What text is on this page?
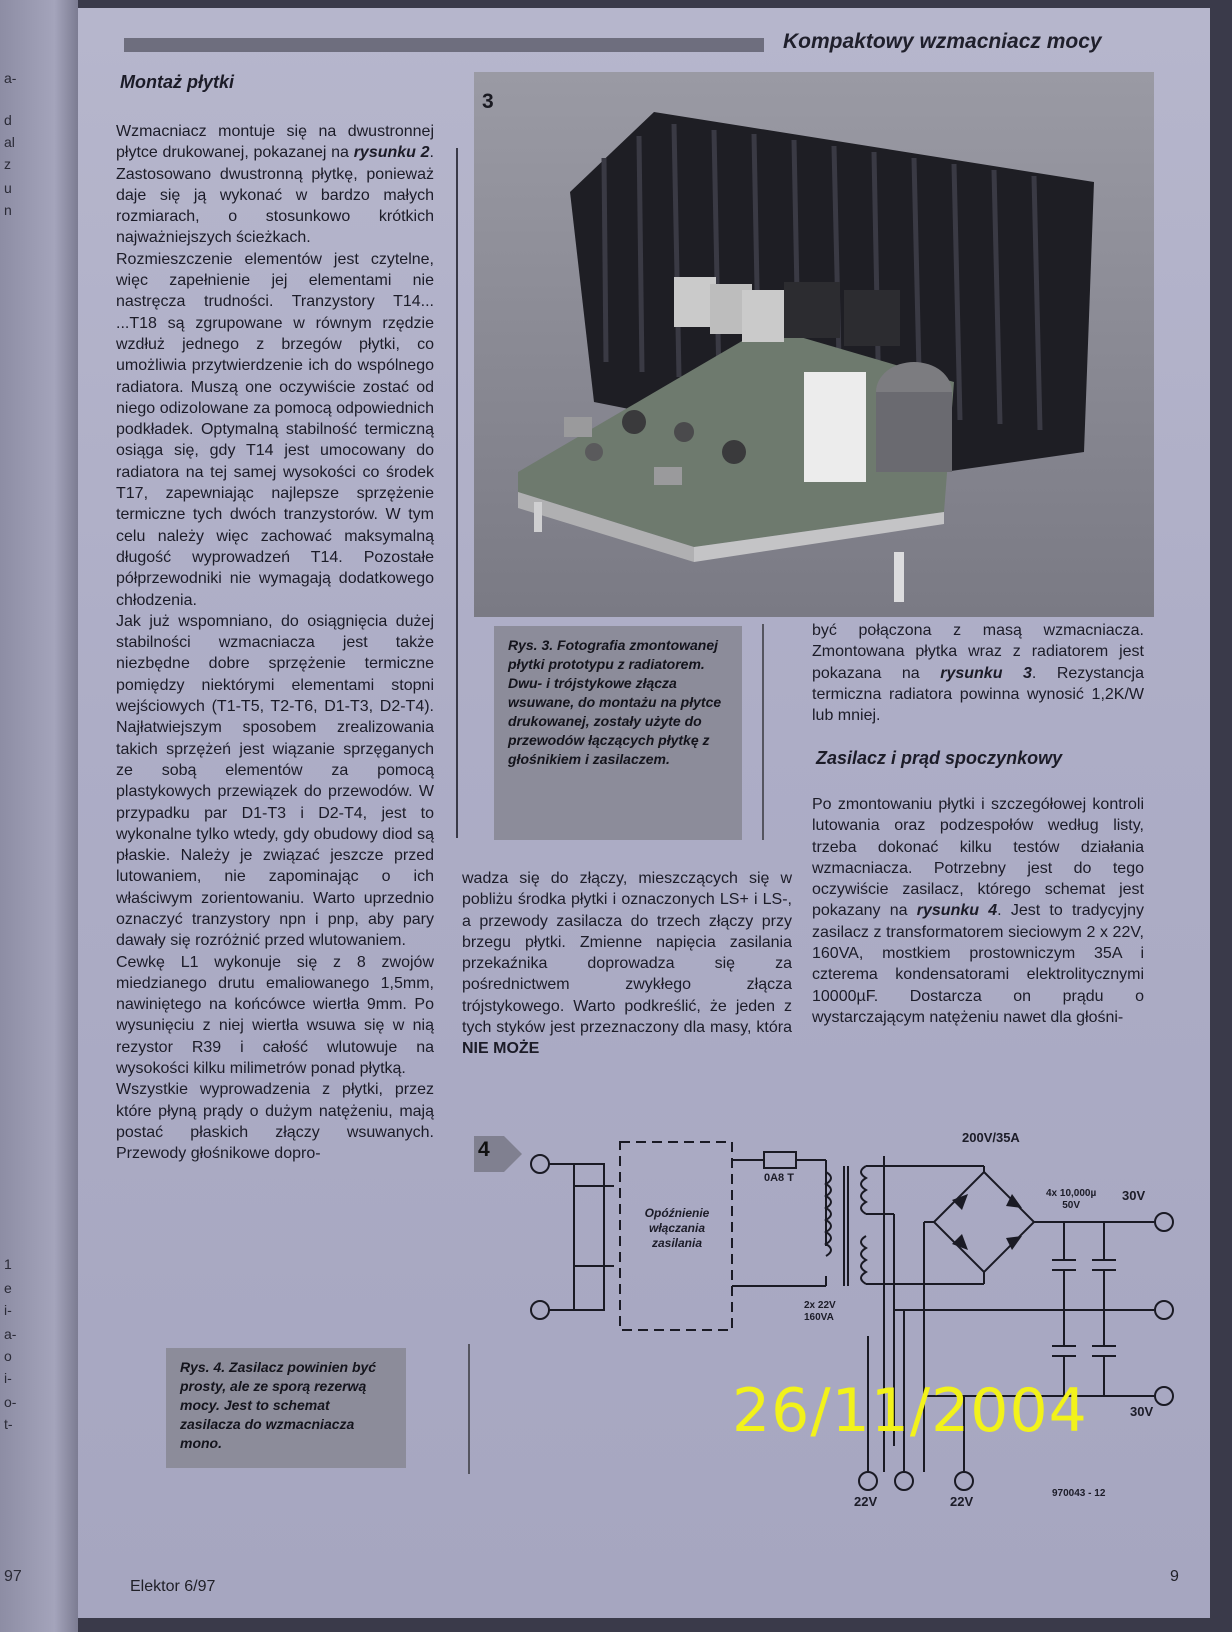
a-
d
al
z
u
n
1
e
i-
a-
o
i-
o-
t-
97
Kompaktowy wzmacniacz mocy
Montaż płytki

Wzmacniacz montuje się na dwustronnej płytce drukowanej, pokazanej na rysunku 2. Zastosowano dwustronną płytkę, ponieważ daje się ją wykonać w bardzo małych rozmiarach, o stosunkowo krótkich najważniejszych ścieżkach.

Rozmieszczenie elementów jest czytelne, więc zapełnienie jej elementami nie nastręcza trudności. Tranzystory T14... ...T18 są zgrupowane w równym rzędzie wzdłuż jednego z brzegów płytki, co umożliwia przytwierdzenie ich do wspólnego radiatora. Muszą one oczywiście zostać od niego odizolowane za pomocą odpowiednich podkładek. Optymalną stabilność termiczną osiąga się, gdy T14 jest umocowany do radiatora na tej samej wysokości co środek T17, zapewniając najlepsze sprzężenie termiczne tych dwóch tranzystorów. W tym celu należy więc zachować maksymalną długość wyprowadzeń T14. Pozostałe półprzewodniki nie wymagają dodatkowego chłodzenia.

Jak już wspomniano, do osiągnięcia dużej stabilności wzmacniacza jest także niezbędne dobre sprzężenie termiczne pomiędzy niektórymi elementami stopni wejściowych (T1-T5, T2-T6, D1-T3, D2-T4). Najłatwiejszym sposobem zrealizowania takich sprzężeń jest wiązanie sprzęganych ze sobą elementów za pomocą plastykowych przewiązek do przewodów. W przypadku par D1-T3 i D2-T4, jest to wykonalne tylko wtedy, gdy obudowy diod są płaskie. Należy je związać jeszcze przed lutowaniem, nie zapominając o ich właściwym zorientowaniu. Warto uprzednio oznaczyć tranzystory npn i pnp, aby pary dawały się rozróżnić przed wlutowaniem.

Cewkę L1 wykonuje się z 8 zwojów miedzianego drutu emaliowanego 1,5mm, nawiniętego na końcówce wiertła 9mm. Po wysunięciu z niej wiertła wsuwa się w nią rezystor R39 i całość wlutowuje na wysokości kilku milimetrów ponad płytką.

Wszystkie wyprowadzenia z płytki, przez które płyną prądy o dużym natężeniu, mają postać płaskich złączy wsuwanych. Przewody głośnikowe dopro-

3
Rys. 3. Fotografia zmontowanej płytki prototypu z radiatorem. Dwu- i trójstykowe złącza wsuwane, do montażu na płytce drukowanej, zostały użyte do przewodów łączących płytkę z głośnikiem i zasilaczem.

wadza się do złączy, mieszczących się w pobliżu środka płytki i oznaczonych LS+ i LS-, a przewody zasilacza do trzech złączy przy brzegu płytki. Zmienne napięcia zasilania przekaźnika doprowadza się za pośrednictwem zwykłego złącza trójstykowego. Warto podkreślić, że jeden z tych styków jest przeznaczony dla masy, która NIE MOŻE

być połączona z masą wzmacniacza. Zmontowana płytka wraz z radiatorem jest pokazana na rysunku 3. Rezystancja termiczna radiatora powinna wynosić 1,2K/W lub mniej.

Zasilacz i prąd spoczynkowy

Po zmontowaniu płytki i szczegółowej kontroli lutowania oraz podzespołów według listy, trzeba dokonać kilku testów działania wzmacniacza. Potrzebny jest do tego oczywiście zasilacz, którego schemat jest pokazany na rysunku 4. Jest to tradycyjny zasilacz z transformatorem sieciowym 2 x 22V, 160VA, mostkiem prostowniczym 35A i czterema kondensatorami elektrolitycznymi 10000µF. Dostarcza on prądu o wystarczającym natężeniu nawet dla głośni-

Rys. 4. Zasilacz powinien być prosty, ale ze sporą rezerwą mocy. Jest to schemat zasilacza do wzmacniacza mono.
4
Opóźnienie
włączania
zasilania
0A8 T
200V/35A
4x 10,000µ
50V
30V
30V
2x 22V
160VA
22V	22V
970043 - 12
Elektor 6/97
9
26/11/2004
